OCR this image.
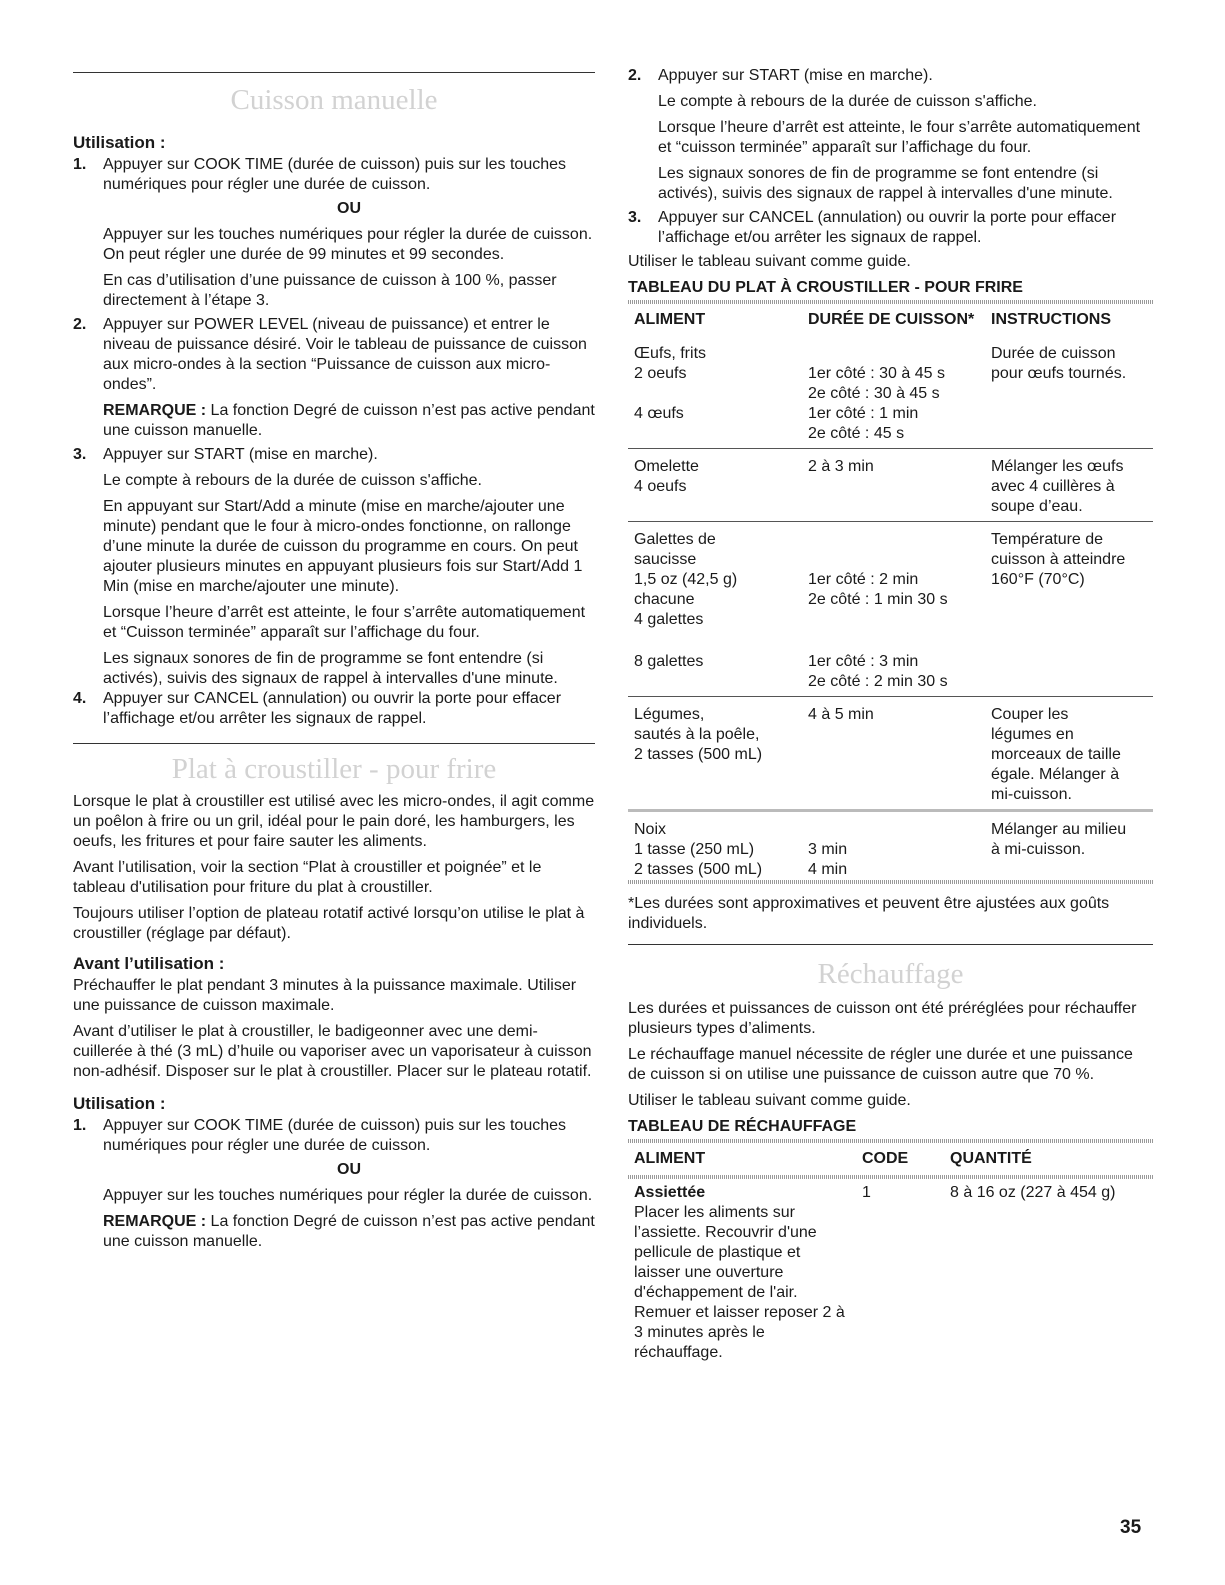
Cuisson manuelle
Utilisation :
1. Appuyer sur COOK TIME (durée de cuisson) puis sur les touches numériques pour régler une durée de cuisson.
OU

Appuyer sur les touches numériques pour régler la durée de cuisson. On peut régler une durée de 99 minutes et 99 secondes.

En cas d’utilisation d’une puissance de cuisson à 100 %, passer directement à l’étape 3.

2. Appuyer sur POWER LEVEL (niveau de puissance) et entrer le niveau de puissance désiré. Voir le tableau de puissance de cuisson aux micro-ondes à la section “Puissance de cuisson aux micro-ondes”.

REMARQUE : La fonction Degré de cuisson n’est pas active pendant une cuisson manuelle.

3. Appuyer sur START (mise en marche).

Le compte à rebours de la durée de cuisson s'affiche.

En appuyant sur Start/Add a minute (mise en marche/ajouter une minute) pendant que le four à micro-ondes fonctionne, on rallonge d’une minute la durée de cuisson du programme en cours. On peut ajouter plusieurs minutes en appuyant plusieurs fois sur Start/Add 1 Min (mise en marche/ajouter une minute).

Lorsque l’heure d’arrêt est atteinte, le four s’arrête automatiquement et “Cuisson terminée” apparaît sur l’affichage du four.

Les signaux sonores de fin de programme se font entendre (si activés), suivis des signaux de rappel à intervalles d'une minute.

4. Appuyer sur CANCEL (annulation) ou ouvrir la porte pour effacer l’affichage et/ou arrêter les signaux de rappel.
Plat à croustiller - pour frire

Lorsque le plat à croustiller est utilisé avec les micro-ondes, il agit comme un poêlon à frire ou un gril, idéal pour le pain doré, les hamburgers, les oeufs, les fritures et pour faire sauter les aliments.

Avant l’utilisation, voir la section “Plat à croustiller et poignée” et le tableau d'utilisation pour friture du plat à croustiller.

Toujours utiliser l’option de plateau rotatif activé lorsqu’on utilise le plat à croustiller (réglage par défaut).

Avant l’utilisation :

Préchauffer le plat pendant 3 minutes à la puissance maximale. Utiliser une puissance de cuisson maximale.

Avant d’utiliser le plat à croustiller, le badigeonner avec une demi-cuillerée à thé (3 mL) d’huile ou vaporiser avec un vaporisateur à cuisson non-adhésif. Disposer sur le plat à croustiller. Placer sur le plateau rotatif.

Utilisation :
1. Appuyer sur COOK TIME (durée de cuisson) puis sur les touches numériques pour régler une durée de cuisson.
OU

Appuyer sur les touches numériques pour régler la durée de cuisson.

REMARQUE : La fonction Degré de cuisson n’est pas active pendant une cuisson manuelle.

2. Appuyer sur START (mise en marche).

Le compte à rebours de la durée de cuisson s'affiche.

Lorsque l’heure d’arrêt est atteinte, le four s’arrête automatiquement et “cuisson terminée” apparaît sur l’affichage du four.

Les signaux sonores de fin de programme se font entendre (si activés), suivis des signaux de rappel à intervalles d'une minute.

3. Appuyer sur CANCEL (annulation) ou ouvrir la porte pour effacer l’affichage et/ou arrêter les signaux de rappel.

Utiliser le tableau suivant comme guide.

TABLEAU DU PLAT À CROUSTILLER - POUR FRIRE
ALIMENT	DURÉE DE CUISSON*	INSTRUCTIONS
Œufs, frits		Durée de cuisson
2 oeufs	1er côté : 30 à 45 s	pour œufs tournés.
	2e côté : 30 à 45 s	
4 œufs	1er côté : 1 min	
	2e côté : 45 s	
Omelette	2 à 3 min	Mélanger les œufs
4 oeufs		avec 4 cuillères à
		soupe d’eau.
Galettes de		Température de
saucisse		cuisson à atteindre
1,5 oz (42,5 g)	1er côté : 2 min	160°F (70°C)
chacune	2e côté : 1 min 30 s	
4 galettes		
8 galettes	1er côté : 3 min	
	2e côté : 2 min 30 s	
Légumes,	4 à 5 min	Couper les
sautés à la poêle,		légumes en
2 tasses (500 mL)		morceaux de taille
		égale. Mélanger à
		mi-cuisson.
Noix		Mélanger au milieu
1 tasse (250 mL)	3 min	à mi-cuisson.
2 tasses (500 mL)	4 min	

*Les durées sont approximatives et peuvent être ajustées aux goûts individuels.

Réchauffage

Les durées et puissances de cuisson ont été préréglées pour réchauffer plusieurs types d’aliments.

Le réchauffage manuel nécessite de régler une durée et une puissance de cuisson si on utilise une puissance de cuisson autre que 70 %.

Utiliser le tableau suivant comme guide.

TABLEAU DE RÉCHAUFFAGE
ALIMENT	CODE	QUANTITÉ
Assiettée
Placer les aliments sur l’assiette. Recouvrir d'une pellicule de plastique et laisser une ouverture d'échappement de l'air. Remuer et laisser reposer 2 à 3 minutes après le réchauffage.	1	8 à 16 oz (227 à 454 g)
35
